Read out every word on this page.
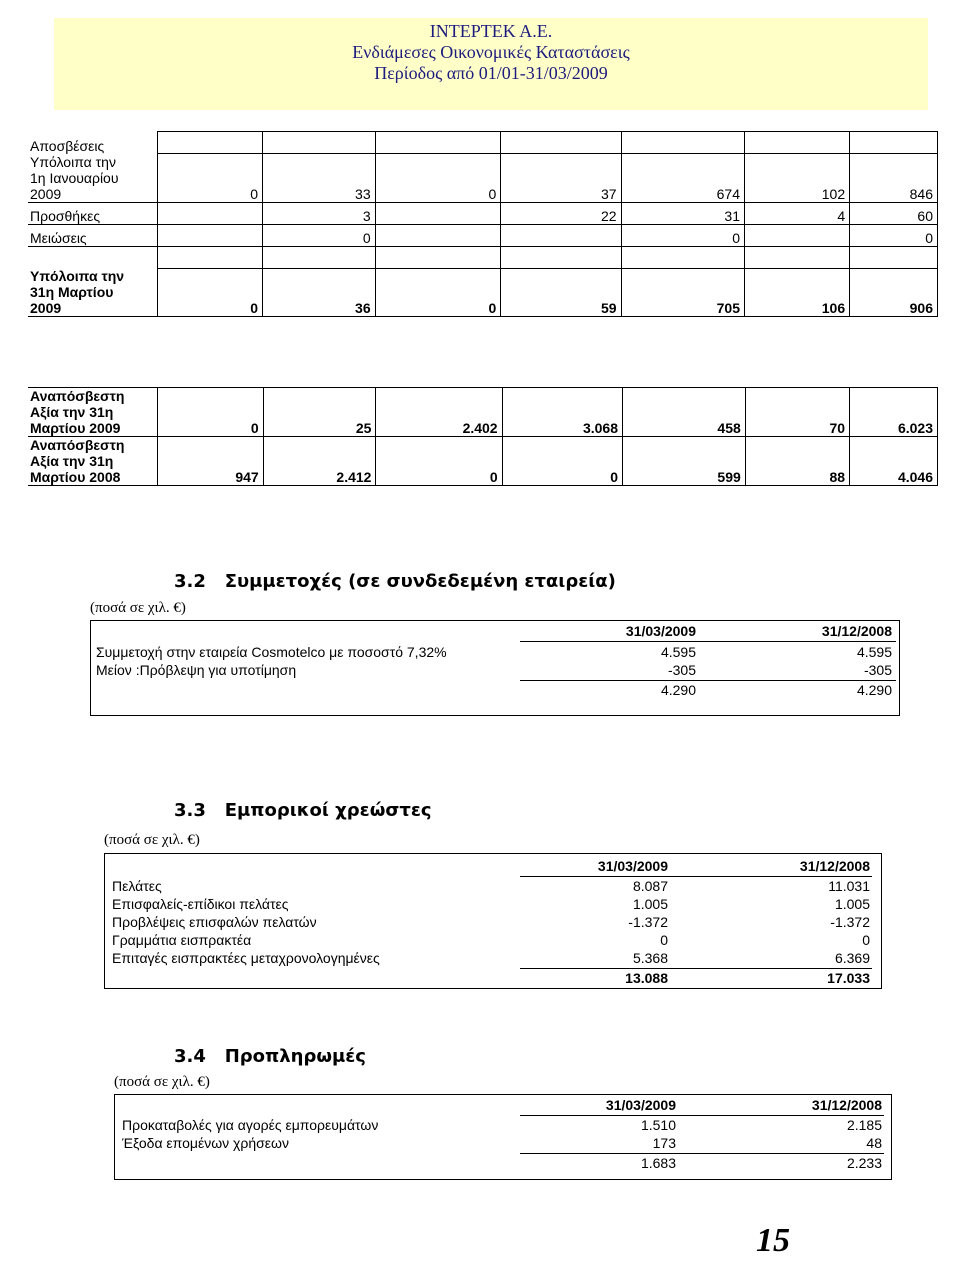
INTEPTEK A.E.
Ενδιάμεσες Οικονομικές Καταστάσεις
Περίοδος από 01/01-31/03/2009
Αποσβέσεις							

Υπόλοιπα την
1η Ιανουαρίου
2009	0	33	0	37	674	102	846
Προσθήκες		3		22	31	4	60
Μειώσεις		0			0		0

Υπόλοιπα την
31η Μαρτίου
2009	0	36	0	59	705	106	906
Αναπόσβεστη
Αξία την 31η
Μαρτίου 2009	0	25	2.402	3.068	458	70	6.023

Αναπόσβεστη
Αξία την 31η
Μαρτίου 2008	947	2.412	0	0	599	88	4.046
3.2 Συμμετοχές (σε συνδεδεμένη εταιρεία)
(ποσά σε χιλ. €)
31/03/2009	31/12/2008
Συμμετοχή στην εταιρεία Cosmotelco με ποσοστό 7,32%	4.595	4.595
Μείον :Πρόβλεψη για υποτίμηση	-305	-305
4.290	4.290
3.3 Εμπορικοί χρεώστες
(ποσά σε χιλ. €)
31/03/2009	31/12/2008
Πελάτες	8.087	11.031
Επισφαλείς-επίδικοι πελάτες	1.005	1.005
Προβλέψεις επισφαλών πελατών	-1.372	-1.372
Γραμμάτια εισπρακτέα	0	0
Επιταγές εισπρακτέες μεταχρονολογημένες	5.368	6.369
13.088	17.033
3.4 Προπληρωμές
(ποσά σε χιλ. €)
31/03/2009	31/12/2008
Προκαταβολές για αγορές εμπορευμάτων	1.510	2.185
Έξοδα επομένων χρήσεων	173	48
1.683	2.233
15
